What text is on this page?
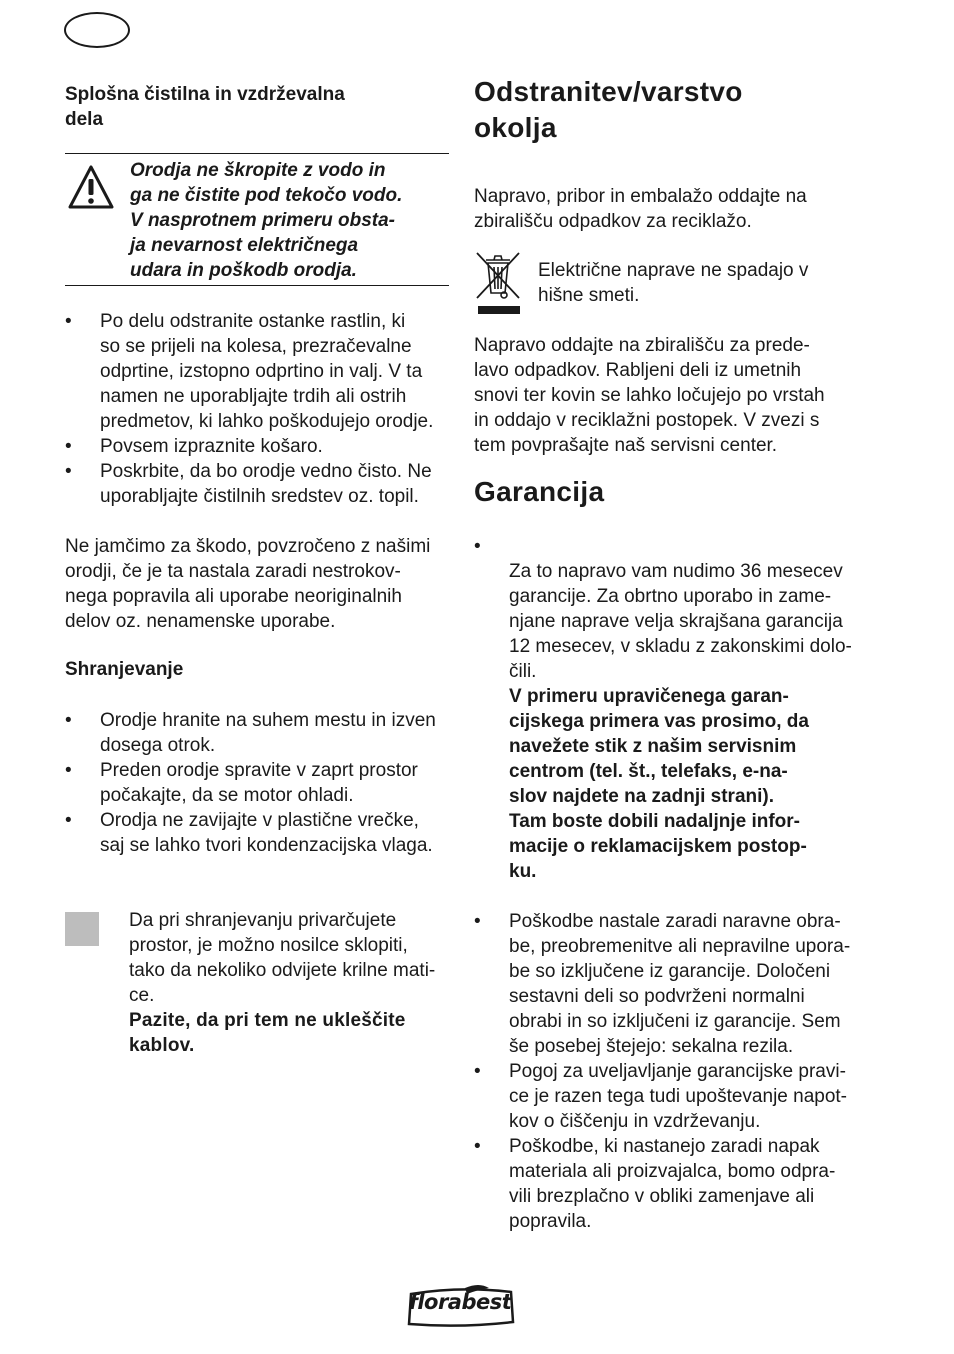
Splošna čistilna in vzdrževalna
dela

Orodja ne škropite z vodo in
ga ne čistite pod tekočo vodo.
V nasprotnem primeru obsta-
ja nevarnost električnega
udara in poškodb orodja.

• Po delu odstranite ostanke rastlin, ki
so se prijeli na kolesa, prezračevalne
odprtine, izstopno odprtino in valj. V ta
namen ne uporabljajte trdih ali ostrih
predmetov, ki lahko poškodujejo orodje.
• Povsem izpraznite košaro.
• Poskrbite, da bo orodje vedno čisto. Ne
uporabljajte čistilnih sredstev oz. topil.

Ne jamčimo za škodo, povzročeno z našimi
orodji, če je ta nastala zaradi nestrokov-
nega popravila ali uporabe neoriginalnih
delov oz. nenamenske uporabe.

Shranjevanje

• Orodje hranite na suhem mestu in izven
dosega otrok.
• Preden orodje spravite v zaprt prostor
počakajte, da se motor ohladi.
• Orodja ne zavijajte v plastične vrečke,
saj se lahko tvori kondenzacijska vlaga.

Da pri shranjevanju privarčujete
prostor, je možno nosilce sklopiti,
tako da nekoliko odvijete krilne mati-
ce.

Pazite, da pri tem ne ukleščite
kablov.

Odstranitev/varstvo
okolja

Napravo, pribor in embalažo oddajte na
zbirališču odpadkov za reciklažo.

Električne naprave ne spadajo v
hišne smeti.

Napravo oddajte na zbirališču za prede-
lavo odpadkov. Rabljeni deli iz umetnih
snovi ter kovin se lahko ločujejo po vrstah
in oddajo v reciklažni postopek. V zvezi s
tem povprašajte naš servisni center.

Garancija

• Za to napravo vam nudimo 36 mesecev
garancije. Za obrtno uporabo in zame-
njane naprave velja skrajšana garancija
12 mesecev, v skladu z zakonskimi dolo-
čili.

V primeru upravičenega garan-
cijskega primera vas prosimo, da
navežete stik z našim servisnim
centrom (tel. št., telefaks, e-na-
slov najdete na zadnji strani).
Tam boste dobili nadaljnje infor-
macije o reklamacijskem postop-
ku.

• Poškodbe nastale zaradi naravne obra-
be, preobremenitve ali nepravilne upora-
be so izključene iz garancije. Določeni
sestavni deli so podvrženi normalni
obrabi in so izključeni iz garancije. Sem
še posebej štejejo: sekalna rezila.
• Pogoj za uveljavljanje garancijske pravi-
ce je razen tega tudi upoštevanje napot-
kov o čiščenju in vzdrževanju.
• Poškodbe, ki nastanejo zaradi napak
materiala ali proizvajalca, bomo odpra-
vili brezplačno v obliki zamenjave ali
popravila.
florabest
